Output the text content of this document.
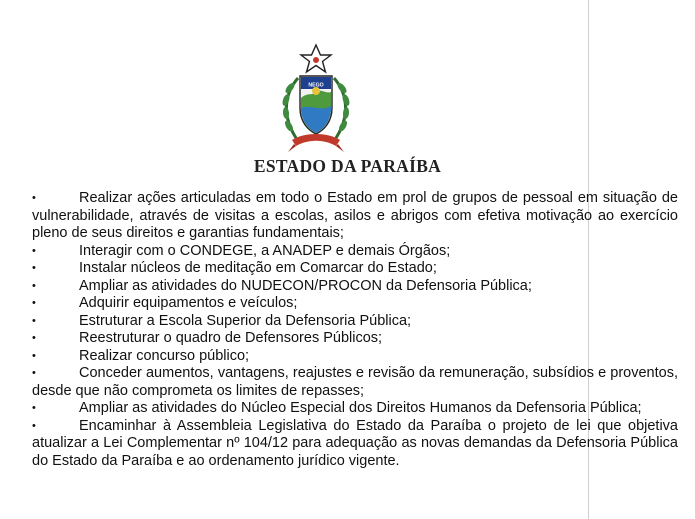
NEGO
ESTADO DA PARAÍBA

•	Realizar ações articuladas em todo o Estado em prol de grupos de pessoal em situação de vulnerabilidade, através de visitas a escolas, asilos e abrigos com efetiva motivação ao exercício pleno de seus direitos e garantias fundamentais;

•	Interagir com o CONDEGE, a ANADEP e demais Órgãos;

•	Instalar núcleos de meditação em Comarcar do Estado;

•	Ampliar as atividades do NUDECON/PROCON da Defensoria Pública;

•	Adquirir equipamentos e veículos;

•	Estruturar a Escola Superior da Defensoria Pública;

•	Reestruturar o quadro de Defensores Públicos;

•	Realizar concurso público;

•	Conceder aumentos, vantagens, reajustes e revisão da remuneração, subsídios e proventos, desde que não comprometa os limites de repasses;

•	Ampliar as atividades do Núcleo Especial dos Direitos Humanos da Defensoria Pública;

•	Encaminhar à Assembleia Legislativa do Estado da Paraíba o projeto de lei que objetiva atualizar a Lei Complementar nº 104/12 para adequação as novas demandas da Defensoria Pública do Estado da Paraíba e ao ordenamento jurídico vigente.
